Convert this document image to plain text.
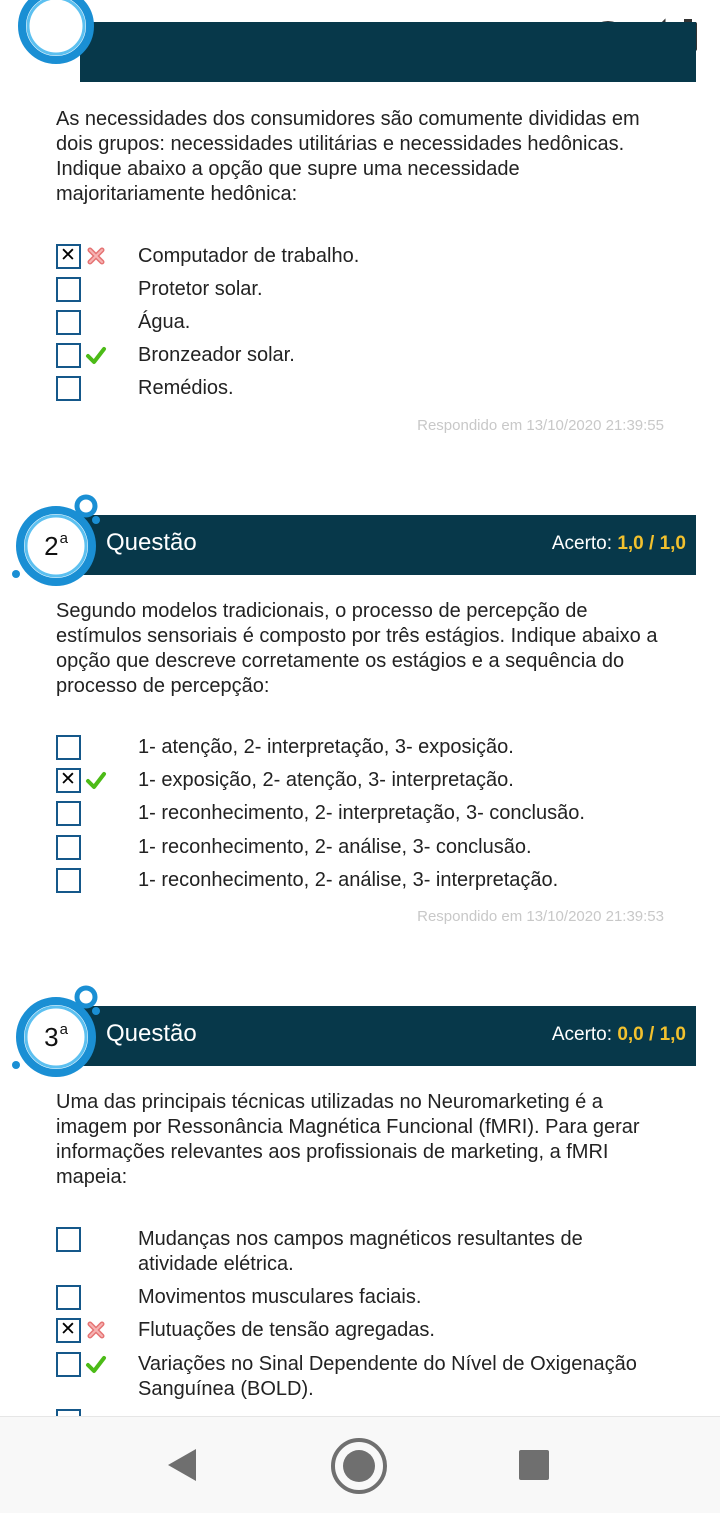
As necessidades dos consumidores são comumente divididas em dois grupos: necessidades utilitárias e necessidades hedônicas. Indique abaixo a opção que supre uma necessidade majoritariamente hedônica:
✕
Computador de trabalho.
Protetor solar.
Água.
Bronzeador solar.
Remédios.
Respondido em 13/10/2020 21:39:55
Questão	Acerto: 1,0 / 1,0
2$^a$
Segundo modelos tradicionais, o processo de percepção de estímulos sensoriais é composto por três estágios. Indique abaixo a opção que descreve corretamente os estágios e a sequência do processo de percepção:
1- atenção, 2- interpretação, 3- exposição.
✕
1- exposição, 2- atenção, 3- interpretação.
1- reconhecimento, 2- interpretação, 3- conclusão.
1- reconhecimento, 2- análise, 3- conclusão.
1- reconhecimento, 2- análise, 3- interpretação.
Respondido em 13/10/2020 21:39:53
Questão	Acerto: 0,0 / 1,0
3$^a$
Uma das principais técnicas utilizadas no Neuromarketing é a imagem por Ressonância Magnética Funcional (fMRI). Para gerar informações relevantes aos profissionais de marketing, a fMRI mapeia:
Mudanças nos campos magnéticos resultantes de atividade elétrica.
Movimentos musculares faciais.
✕
Flutuações de tensão agregadas.
Variações no Sinal Dependente do Nível de Oxigenação Sanguínea (BOLD).
